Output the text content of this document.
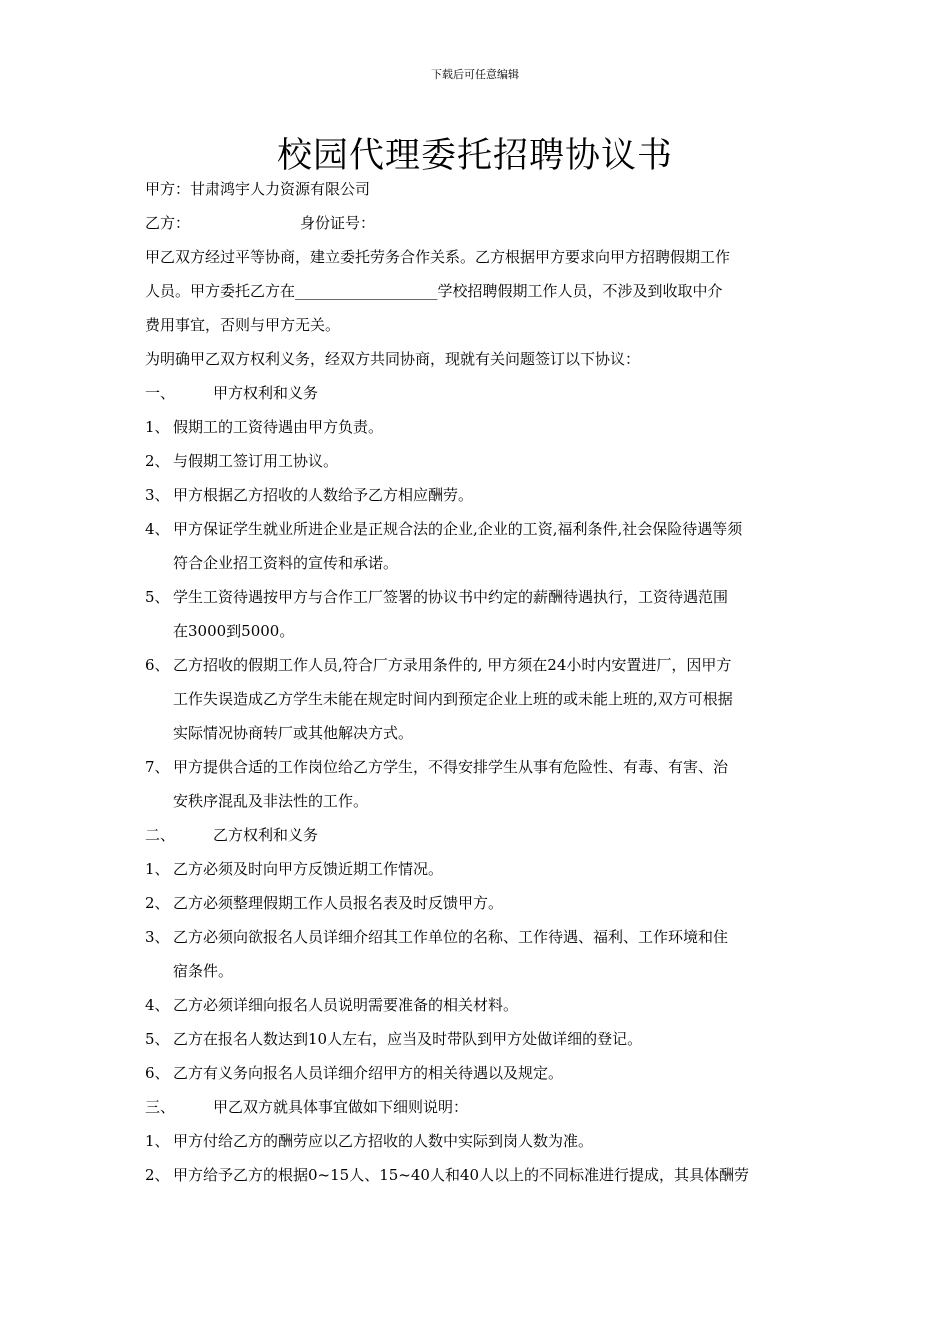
下载后可任意编辑
校园代理委托招聘协议书
甲方：甘肃鸿宇人力资源有限公司
乙方：	身份证号：
甲乙双方经过平等协商，建立委托劳务合作关系。乙方根据甲方要求向甲方招聘假期工作
人员。甲方委托乙方在___________________学校招聘假期工作人员，不涉及到收取中介
费用事宜，否则与甲方无关。
为明确甲乙双方权利义务，经双方共同协商，现就有关问题签订以下协议：
一、	甲方权利和义务
1、 假期工的工资待遇由甲方负责。
2、 与假期工签订用工协议。
3、 甲方根据乙方招收的人数给予乙方相应酬劳。
4、 甲方保证学生就业所进企业是正规合法的企业,企业的工资,福利条件,社会保险待遇等须
符合企业招工资料的宣传和承诺。
5、 学生工资待遇按甲方与合作工厂签署的协议书中约定的薪酬待遇执行，工资待遇范围
在3000到5000。
6、 乙方招收的假期工作人员,符合厂方录用条件的, 甲方须在24小时内安置进厂，因甲方
工作失误造成乙方学生未能在规定时间内到预定企业上班的或未能上班的,双方可根据
实际情况协商转厂或其他解决方式。
7、 甲方提供合适的工作岗位给乙方学生，不得安排学生从事有危险性、有毒、有害、治
安秩序混乱及非法性的工作。
二、	乙方权利和义务
1、 乙方必须及时向甲方反馈近期工作情况。
2、 乙方必须整理假期工作人员报名表及时反馈甲方。
3、 乙方必须向欲报名人员详细介绍其工作单位的名称、工作待遇、福利、工作环境和住
宿条件。
4、 乙方必须详细向报名人员说明需要准备的相关材料。
5、 乙方在报名人数达到10人左右，应当及时带队到甲方处做详细的登记。
6、 乙方有义务向报名人员详细介绍甲方的相关待遇以及规定。
三、	甲乙双方就具体事宜做如下细则说明：
1、 甲方付给乙方的酬劳应以乙方招收的人数中实际到岗人数为准。
2、 甲方给予乙方的根据0~15人、15~40人和40人以上的不同标准进行提成，其具体酬劳
